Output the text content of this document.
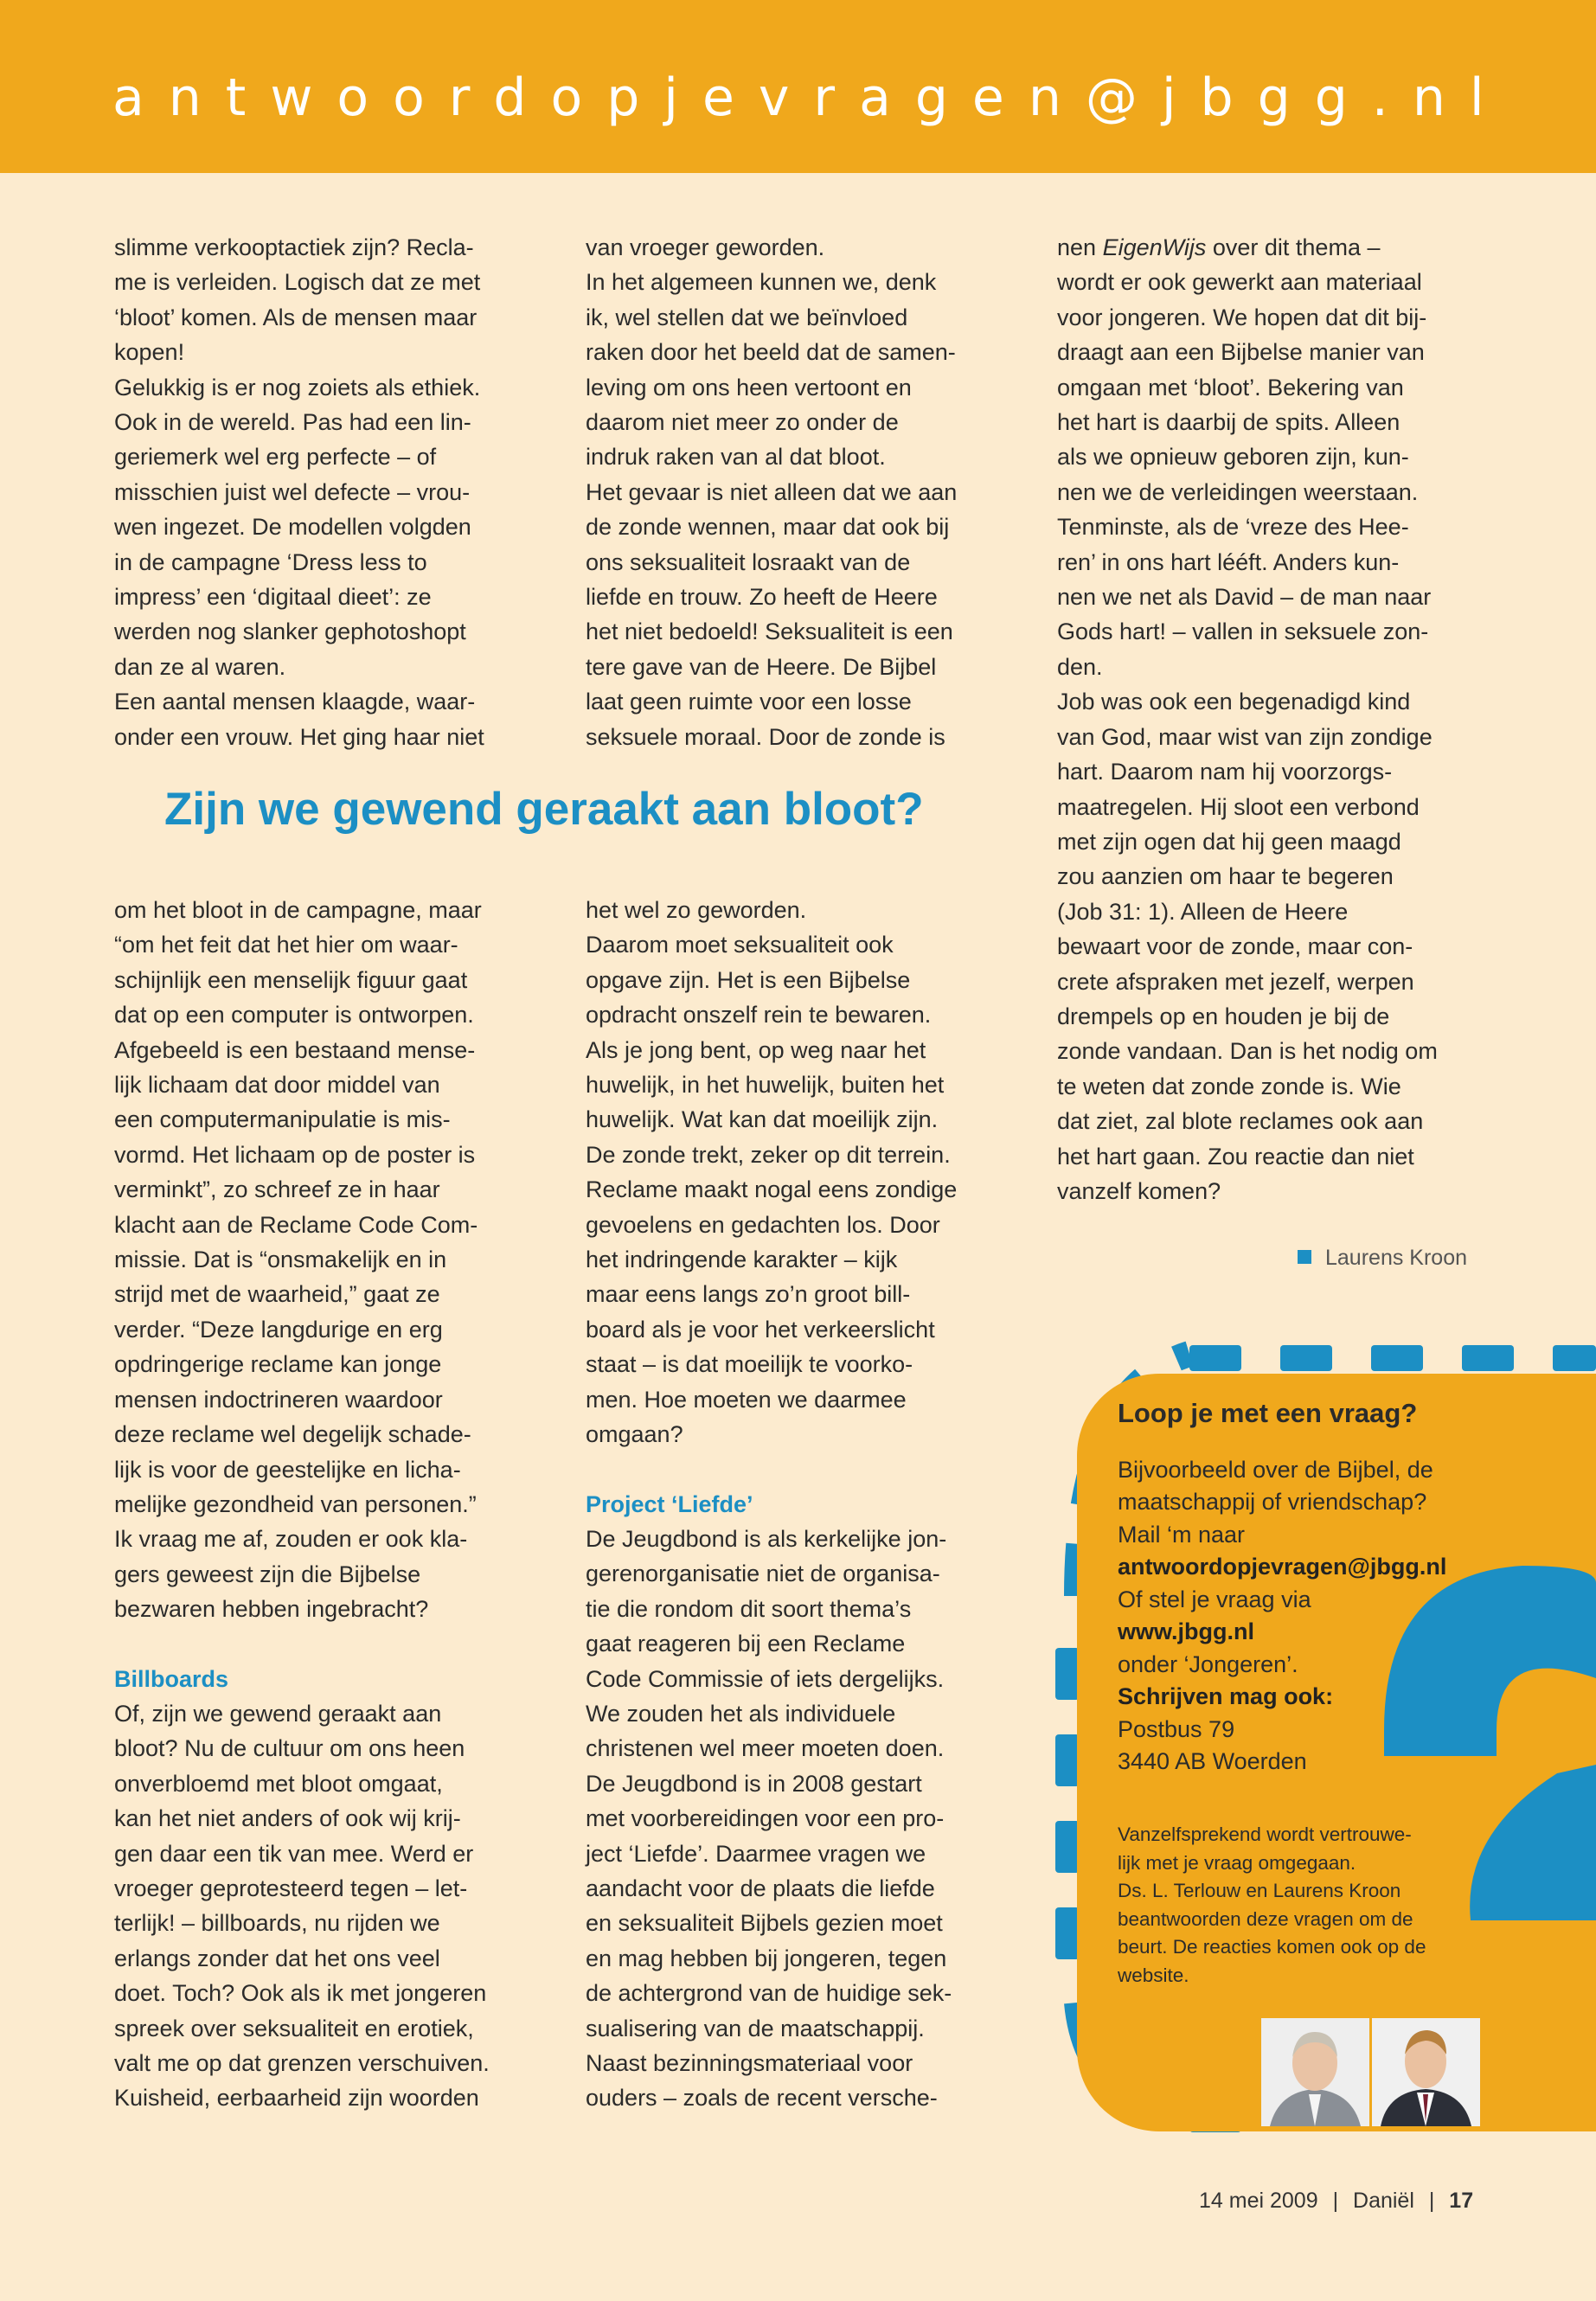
antwoordopjevragen@jbgg.nl

slimme verkooptactiek zijn? Recla-
me is verleiden. Logisch dat ze met
‘bloot’ komen. Als de mensen maar
kopen!
Gelukkig is er nog zoiets als ethiek.
Ook in de wereld. Pas had een lin-
geriemerk wel erg perfecte – of
misschien juist wel defecte – vrou-
wen ingezet. De modellen volgden
in de campagne ‘Dress less to
impress’ een ‘digitaal dieet’: ze
werden nog slanker gephotoshopt
dan ze al waren.
Een aantal mensen klaagde, waar-
onder een vrouw. Het ging haar niet

van vroeger geworden.
In het algemeen kunnen we, denk
ik, wel stellen dat we beïnvloed
raken door het beeld dat de samen-
leving om ons heen vertoont en
daarom niet meer zo onder de
indruk raken van al dat bloot.
Het gevaar is niet alleen dat we aan
de zonde wennen, maar dat ook bij
ons seksualiteit losraakt van de
liefde en trouw. Zo heeft de Heere
het niet bedoeld! Seksualiteit is een
tere gave van de Heere. De Bijbel
laat geen ruimte voor een losse
seksuele moraal. Door de zonde is

Zijn we gewend geraakt aan bloot?

om het bloot in de campagne, maar
“om het feit dat het hier om waar-
schijnlijk een menselijk figuur gaat
dat op een computer is ontworpen.
Afgebeeld is een bestaand mense-
lijk lichaam dat door middel van
een computermanipulatie is mis-
vormd. Het lichaam op de poster is
verminkt”, zo schreef ze in haar
klacht aan de Reclame Code Com-
missie. Dat is “onsmakelijk en in
strijd met de waarheid,” gaat ze
verder. “Deze langdurige en erg
opdringerige reclame kan jonge
mensen indoctrineren waardoor
deze reclame wel degelijk schade-
lijk is voor de geestelijke en licha-
melijke gezondheid van personen.”
Ik vraag me af, zouden er ook kla-
gers geweest zijn die Bijbelse
bezwaren hebben ingebracht?

Billboards

Of, zijn we gewend geraakt aan
bloot? Nu de cultuur om ons heen
onverbloemd met bloot omgaat,
kan het niet anders of ook wij krij-
gen daar een tik van mee. Werd er
vroeger geprotesteerd tegen – let-
terlijk! – billboards, nu rijden we
erlangs zonder dat het ons veel
doet. Toch? Ook als ik met jongeren
spreek over seksualiteit en erotiek,
valt me op dat grenzen verschuiven.
Kuisheid, eerbaarheid zijn woorden

het wel zo geworden.
Daarom moet seksualiteit ook
opgave zijn. Het is een Bijbelse
opdracht onszelf rein te bewaren.
Als je jong bent, op weg naar het
huwelijk, in het huwelijk, buiten het
huwelijk. Wat kan dat moeilijk zijn.
De zonde trekt, zeker op dit terrein.
Reclame maakt nogal eens zondige
gevoelens en gedachten los. Door
het indringende karakter – kijk
maar eens langs zo’n groot bill-
board als je voor het verkeerslicht
staat – is dat moeilijk te voorko-
men. Hoe moeten we daarmee
omgaan?

Project ‘Liefde’

De Jeugdbond is als kerkelijke jon-
gerenorganisatie niet de organisa-
tie die rondom dit soort thema’s
gaat reageren bij een Reclame
Code Commissie of iets dergelijks.
We zouden het als individuele
christenen wel meer moeten doen.
De Jeugdbond is in 2008 gestart
met voorbereidingen voor een pro-
ject ‘Liefde’. Daarmee vragen we
aandacht voor de plaats die liefde
en seksualiteit Bijbels gezien moet
en mag hebben bij jongeren, tegen
de achtergrond van de huidige sek-
sualisering van de maatschappij.
Naast bezinningsmateriaal voor
ouders – zoals de recent versche-

nen EigenWijs over dit thema –
wordt er ook gewerkt aan materiaal
voor jongeren. We hopen dat dit bij-
draagt aan een Bijbelse manier van
omgaan met ‘bloot’. Bekering van
het hart is daarbij de spits. Alleen
als we opnieuw geboren zijn, kun-
nen we de verleidingen weerstaan.
Tenminste, als de ‘vreze des Hee-
ren’ in ons hart lééft. Anders kun-
nen we net als David – de man naar
Gods hart! – vallen in seksuele zon-
den.
Job was ook een begenadigd kind
van God, maar wist van zijn zondige
hart. Daarom nam hij voorzorgs-
maatregelen. Hij sloot een verbond
met zijn ogen dat hij geen maagd
zou aanzien om haar te begeren
(Job 31: 1). Alleen de Heere
bewaart voor de zonde, maar con-
crete afspraken met jezelf, werpen
drempels op en houden je bij de
zonde vandaan. Dan is het nodig om
te weten dat zonde zonde is. Wie
dat ziet, zal blote reclames ook aan
het hart gaan. Zou reactie dan niet
vanzelf komen?

Laurens Kroon
Loop je met een vraag?

Bijvoorbeeld over de Bijbel, de maatschappij of vriendschap?

Mail ‘m naar

antwoordopjevragen@jbgg.nl

Of stel je vraag via

www.jbgg.nl

onder ‘Jongeren’.

Schrijven mag ook:

Postbus 79

3440 AB Woerden

Vanzelfsprekend wordt vertrouwe-
lijk met je vraag omgegaan.
Ds. L. Terlouw en Laurens Kroon
beantwoorden deze vragen om de
beurt. De reacties komen ook op de
website.

14 mei 2009 | Daniël | 17
